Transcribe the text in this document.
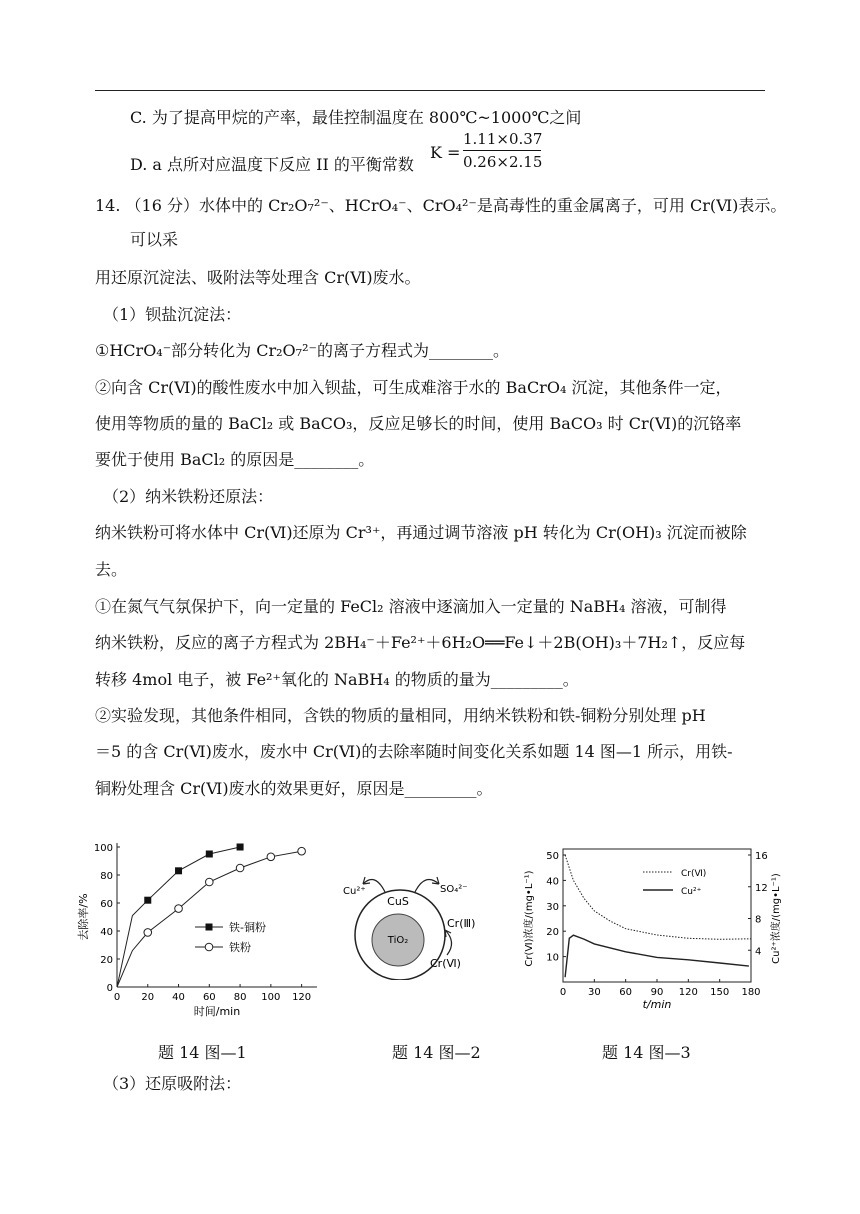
C. 为了提高甲烷的产率，最佳控制温度在 800℃~1000℃之间
D. a 点所对应温度下反应 II 的平衡常数
K =
1.11×0.37
0.26×2.15
14. （16 分）水体中的 Cr₂O₇²⁻、HCrO₄⁻、CrO₄²⁻是高毒性的重金属离子，可用 Cr(Ⅵ)表示。
可以采
用还原沉淀法、吸附法等处理含 Cr(Ⅵ)废水。
（1）钡盐沉淀法：
①HCrO₄⁻部分转化为 Cr₂O₇²⁻的离子方程式为________。
②向含 Cr(Ⅵ)的酸性废水中加入钡盐，可生成难溶于水的 BaCrO₄ 沉淀，其他条件一定，
使用等物质的量的 BaCl₂ 或 BaCO₃，反应足够长的时间，使用 BaCO₃ 时 Cr(Ⅵ)的沉铬率
要优于使用 BaCl₂ 的原因是________。
（2）纳米铁粉还原法：
纳米铁粉可将水体中 Cr(Ⅵ)还原为 Cr³⁺，再通过调节溶液 pH 转化为 Cr(OH)₃ 沉淀而被除
去。
①在氮气气氛保护下，向一定量的 FeCl₂ 溶液中逐滴加入一定量的 NaBH₄ 溶液，可制得
纳米铁粉，反应的离子方程式为 2BH₄⁻＋Fe²⁺＋6H₂O══Fe↓＋2B(OH)₃＋7H₂↑，反应每
转移 4mol 电子，被 Fe²⁺氧化的 NaBH₄ 的物质的量为_________。
②实验发现，其他条件相同，含铁的物质的量相同，用纳米铁粉和铁-铜粉分别处理 pH
＝5 的含 Cr(Ⅵ)废水，废水中 Cr(Ⅵ)的去除率随时间变化关系如题 14 图—1 所示，用铁-
铜粉处理含 Cr(Ⅵ)废水的效果更好，原因是_________。
0 20 40 60 80 100 120
0
20
40
60
80
100
时间/min
去除率/%	铁-铜粉
铁粉
CuS
TiO₂
Cu²⁺	SO₄²⁻
Cr(Ⅲ)
Cr(Ⅵ)
0 30 60 90 120 150 180
10
20
30
40
50
4
8
12
16
t/min
Cr(Ⅵ)浓度/(mg•L⁻¹)	Cu²⁺浓度/(mg•L⁻¹)
Cr(Ⅵ)
Cu²⁺
题 14 图—1	题 14 图—2	题 14 图—3
（3）还原吸附法：
